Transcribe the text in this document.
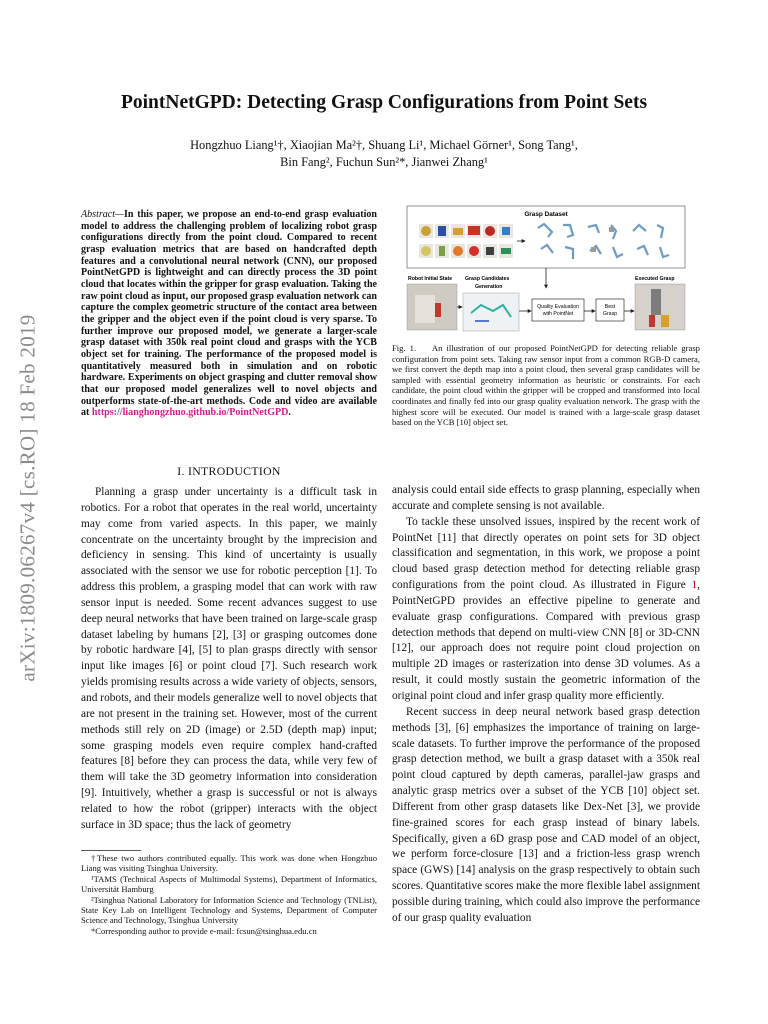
arXiv:1809.06267v4 [cs.RO] 18 Feb 2019
PointNetGPD: Detecting Grasp Configurations from Point Sets
Hongzhuo Liang¹†, Xiaojian Ma²†, Shuang Li¹, Michael Görner¹, Song Tang¹,
Bin Fang², Fuchun Sun²*, Jianwei Zhang¹
Abstract—In this paper, we propose an end-to-end grasp evaluation model to address the challenging problem of localizing robot grasp configurations directly from the point cloud. Compared to recent grasp evaluation metrics that are based on handcrafted depth features and a convolutional neural network (CNN), our proposed PointNetGPD is lightweight and can directly process the 3D point cloud that locates within the gripper for grasp evaluation. Taking the raw point cloud as input, our proposed grasp evaluation network can capture the complex geometric structure of the contact area between the gripper and the object even if the point cloud is very sparse. To further improve our proposed model, we generate a larger-scale grasp dataset with 350k real point cloud and grasps with the YCB object set for training. The performance of the proposed model is quantitatively measured both in simulation and on robotic hardware. Experiments on object grasping and clutter removal show that our proposed model generalizes well to novel objects and outperforms state-of-the-art methods. Code and video are available at https://lianghongzhuo.github.io/PointNetGPD.
I. INTRODUCTION

Planning a grasp under uncertainty is a difficult task in robotics. For a robot that operates in the real world, uncertainty may come from varied aspects. In this paper, we mainly concentrate on the uncertainty brought by the imprecision and deficiency in sensing. This kind of uncertainty is usually associated with the sensor we use for robotic perception [1]. To address this problem, a grasping model that can work with raw sensor input is needed. Some recent advances suggest to use deep neural networks that have been trained on large-scale grasp dataset labeling by humans [2], [3] or grasping outcomes done by robotic hardware [4], [5] to plan grasps directly with sensor input like images [6] or point cloud [7]. Such research work yields promising results across a wide variety of objects, sensors, and robots, and their models generalize well to novel objects that are not present in the training set. However, most of the current methods still rely on 2D (image) or 2.5D (depth map) input; some grasping models even require complex hand-crafted features [8] before they can process the data, while very few of them will take the 3D geometry information into consideration [9]. Intuitively, whether a grasp is successful or not is always related to how the robot (gripper) interacts with the object surface in 3D space; thus the lack of geometry

†These two authors contributed equally. This work was done when Hongzhuo Liang was visiting Tsinghua University.

¹TAMS (Technical Aspects of Multimodal Systems), Department of Informatics, Universität Hamburg

²Tsinghua National Laboratory for Information Science and Technology (TNList), State Key Lab on Intelligent Technology and Systems, Department of Computer Science and Technology, Tsinghua University

*Corresponding author to provide e-mail: fcsun@tsinghua.edu.cn

Grasp Dataset
Robot Initial State Grasp Candidates Generation
Executed Grasp
Quality Evaluation with PointNet
Best Grasp
Fig. 1. An illustration of our proposed PointNetGPD for detecting reliable grasp configuration from point sets. Taking raw sensor input from a common RGB-D camera, we first convert the depth map into a point cloud, then several grasp candidates will be sampled with essential geometry information as heuristic or constraints. For each candidate, the point cloud within the gripper will be cropped and transformed into local coordinates and finally fed into our grasp quality evaluation network. The grasp with the highest score will be executed. Our model is trained with a large-scale grasp dataset based on the YCB [10] object set.

analysis could entail side effects to grasp planning, especially when accurate and complete sensing is not available.

To tackle these unsolved issues, inspired by the recent work of PointNet [11] that directly operates on point sets for 3D object classification and segmentation, in this work, we propose a point cloud based grasp detection method for detecting reliable grasp configurations from the point cloud. As illustrated in Figure 1, PointNetGPD provides an effective pipeline to generate and evaluate grasp configurations. Compared with previous grasp detection methods that depend on multi-view CNN [8] or 3D-CNN [12], our approach does not require point cloud projection on multiple 2D images or rasterization into dense 3D volumes. As a result, it could mostly sustain the geometric information of the original point cloud and infer grasp quality more efficiently.

Recent success in deep neural network based grasp detection methods [3], [6] emphasizes the importance of training on large-scale datasets. To further improve the performance of the proposed grasp detection method, we built a grasp dataset with a 350k real point cloud captured by depth cameras, parallel-jaw grasps and analytic grasp metrics over a subset of the YCB [10] object set. Different from other grasp datasets like Dex-Net [3], we provide fine-grained scores for each grasp instead of binary labels. Specifically, given a 6D grasp pose and CAD model of an object, we perform force-closure [13] and a friction-less grasp wrench space (GWS) [14] analysis on the grasp respectively to obtain such scores. Quantitative scores make the more flexible label assignment possible during training, which could also improve the performance of our grasp quality evaluation
